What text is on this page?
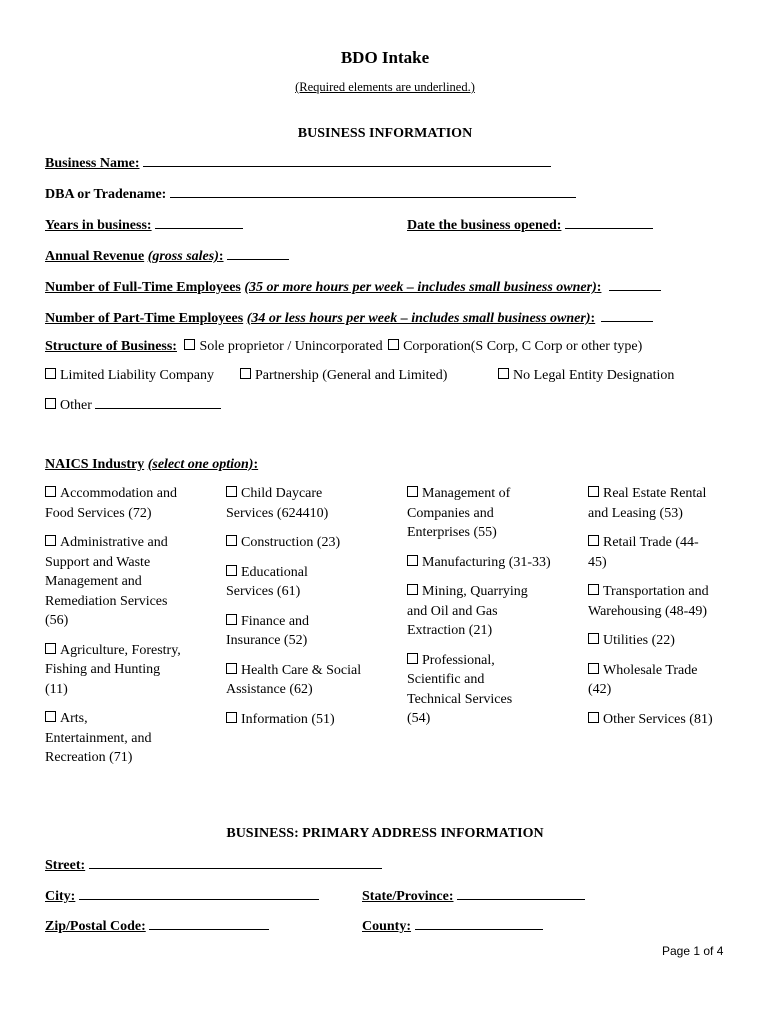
BDO Intake
(Required elements are underlined.)
BUSINESS INFORMATION
Business Name:
DBA or Tradename:
Years in business:	Date the business opened:
Annual Revenue (gross sales):
Number of Full-Time Employees (35 or more hours per week – includes small business owner):
Number of Part-Time Employees (34 or less hours per week – includes small business owner):
Structure of Business: Sole proprietor / Unincorporated Corporation(S Corp, C Corp or other type)
Limited Liability Company	Partnership (General and Limited)	No Legal Entity Designation
Other
NAICS Industry (select one option):

Accommodation and Food Services (72)

Administrative and Support and Waste Management and Remediation Services (56)

Agriculture, Forestry, Fishing and Hunting (11)

Arts, Entertainment, and Recreation (71)

Child Daycare Services (624410)

Construction (23)

Educational Services (61)

Finance and Insurance (52)

Health Care & Social Assistance (62)

Information (51)

Management of Companies and Enterprises (55)

Manufacturing (31-33)

Mining, Quarrying and Oil and Gas Extraction (21)

Professional, Scientific and Technical Services (54)

Real Estate Rental and Leasing (53)

Retail Trade (44-45)

Transportation and Warehousing (48-49)

Utilities (22)

Wholesale Trade (42)

Other Services (81)

BUSINESS: PRIMARY ADDRESS INFORMATION
Street:
City:	State/Province:
Zip/Postal Code:	County:
Page 1 of 4
